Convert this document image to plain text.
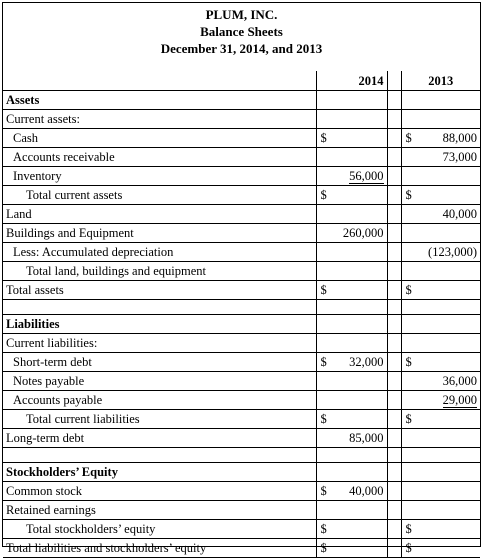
PLUM, INC.
Balance Sheets
December 31, 2014, and 2013
	2014		2013
Assets			
Current assets:			
Cash	$		$ 88,000
Accounts receivable			73,000
Inventory	56,000		
Total current assets	$		$

Land			40,000
Buildings and Equipment	260,000		
Less: Accumulated depreciation			(123,000)
Total land, buildings and equipment			
Total assets	$		$

Liabilities			
Current liabilities:			
Short-term debt	$ 32,000		$

Notes payable			36,000
Accounts payable			29,000
Total current liabilities	$		$

Long-term debt	85,000		

Stockholders’ Equity			
Common stock	$ 40,000		
Retained earnings			
Total stockholders’ equity	$		$

Total liabilities and stockholders’ equity	$		$
